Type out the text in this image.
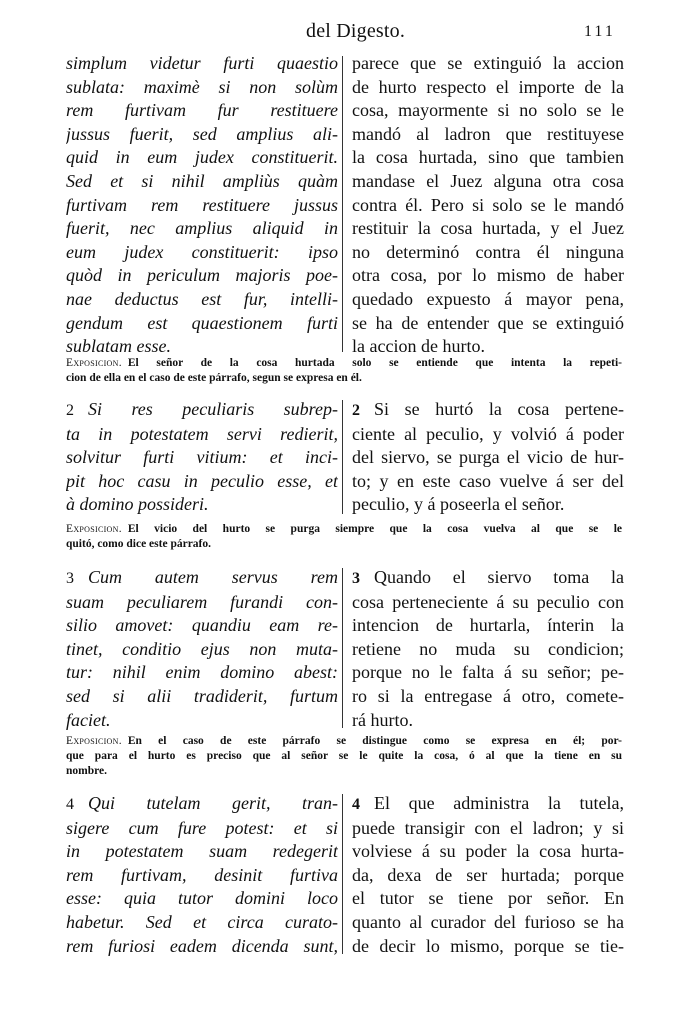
del Digesto.	111
simplum videtur furti quaestio
sublata: maximè si non solùm
rem furtivam fur restituere
jussus fuerit, sed amplius ali-
quid in eum judex constituerit.
Sed et si nihil ampliùs quàm
furtivam rem restituere jussus
fuerit, nec amplius aliquid in
eum judex constituerit: ipso
quòd in periculum majoris poe-
nae deductus est fur, intelli-
gendum est quaestionem furti
sublatam esse.
parece que se extinguió la accion
de hurto respecto el importe de la
cosa, mayormente si no solo se le
mandó al ladron que restituyese
la cosa hurtada, sino que tambien
mandase el Juez alguna otra cosa
contra él. Pero si solo se le mandó
restituir la cosa hurtada, y el Juez
no determinó contra él ninguna
otra cosa, por lo mismo de haber
quedado expuesto á mayor pena,
se ha de entender que se extinguió
la accion de hurto.
Exposicion. El señor de la cosa hurtada solo se entiende que intenta la repeti-
cion de ella en el caso de este párrafo, segun se expresa en él.
2 Si res peculiaris subrep-
ta in potestatem servi redierit,
solvitur furti vitium: et inci-
pit hoc casu in peculio esse, et
à domino possideri.
2 Si se hurtó la cosa pertene-
ciente al peculio, y volvió á poder
del siervo, se purga el vicio de hur-
to; y en este caso vuelve á ser del
peculio, y á poseerla el señor.
Exposicion. El vicio del hurto se purga siempre que la cosa vuelva al que se le
quitó, como dice este párrafo.
3 Cum autem servus rem
suam peculiarem furandi con-
silio amovet: quandiu eam re-
tinet, conditio ejus non muta-
tur: nihil enim domino abest:
sed si alii tradiderit, furtum
faciet.
3 Quando el siervo toma la
cosa perteneciente á su peculio con
intencion de hurtarla, ínterin la
retiene no muda su condicion;
porque no le falta á su señor; pe-
ro si la entregase á otro, comete-
rá hurto.
Exposicion. En el caso de este párrafo se distingue como se expresa en él; por-
que para el hurto es preciso que al señor se le quite la cosa, ó al que la tiene en su
nombre.
4 Qui tutelam gerit, tran-
sigere cum fure potest: et si
in potestatem suam redegerit
rem furtivam, desinit furtiva
esse: quia tutor domini loco
habetur. Sed et circa curato-
rem furiosi eadem dicenda sunt,
4 El que administra la tutela,
puede transigir con el ladron; y si
volviese á su poder la cosa hurta-
da, dexa de ser hurtada; porque
el tutor se tiene por señor. En
quanto al curador del furioso se ha
de decir lo mismo, porque se tie-
